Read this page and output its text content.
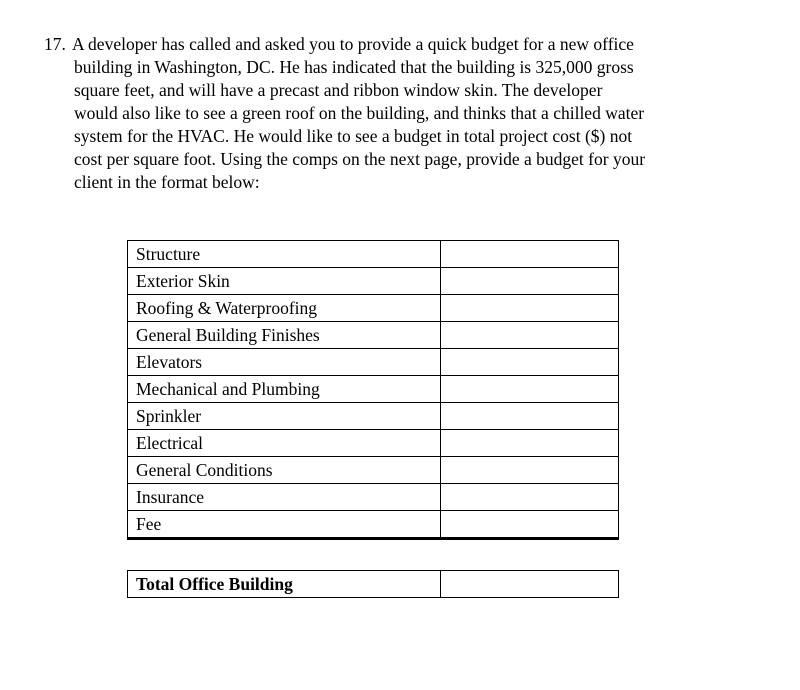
17. A developer has called and asked you to provide a quick budget for a new office
building in Washington, DC. He has indicated that the building is 325,000 gross
square feet, and will have a precast and ribbon window skin. The developer
would also like to see a green roof on the building, and thinks that a chilled water
system for the HVAC. He would like to see a budget in total project cost ($) not
cost per square foot. Using the comps on the next page, provide a budget for your
client in the format below:
Structure	
Exterior Skin	
Roofing & Waterproofing	
General Building Finishes	
Elevators	
Mechanical and Plumbing	
Sprinkler	
Electrical	
General Conditions	
Insurance	
Fee	
Total Office Building	
